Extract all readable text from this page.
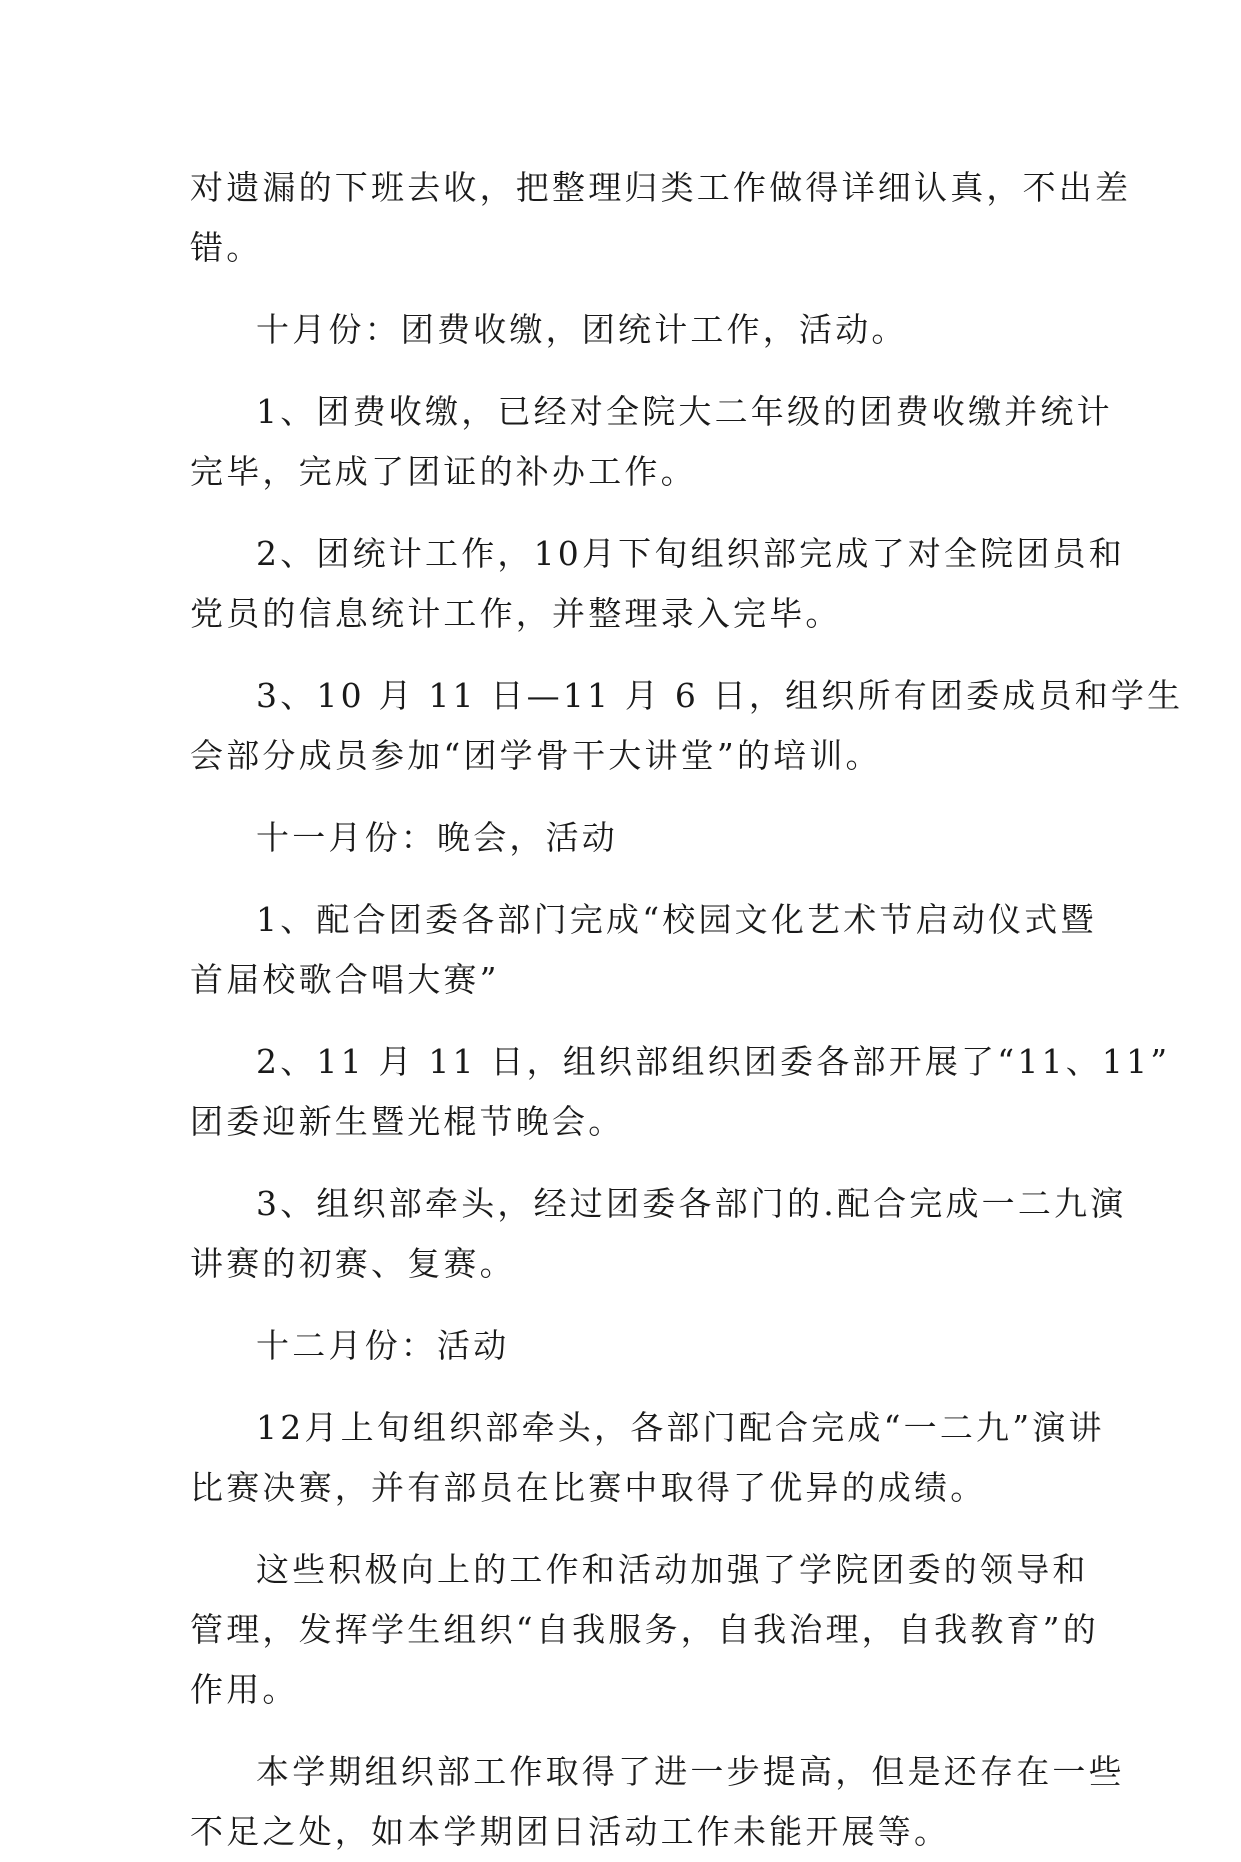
对遗漏的下班去收，把整理归类工作做得详细认真，不出差
错。
十月份：团费收缴，团统计工作，活动。
1、团费收缴，已经对全院大二年级的团费收缴并统计
完毕，完成了团证的补办工作。
2、团统计工作，10月下旬组织部完成了对全院团员和
党员的信息统计工作，并整理录入完毕。
3、10 月 11 日—11 月 6 日，组织所有团委成员和学生
会部分成员参加“团学骨干大讲堂”的培训。
十一月份：晚会，活动
1、配合团委各部门完成“校园文化艺术节启动仪式暨
首届校歌合唱大赛”
2、11 月 11 日，组织部组织团委各部开展了“11、11”
团委迎新生暨光棍节晚会。
3、组织部牵头，经过团委各部门的.配合完成一二九演
讲赛的初赛、复赛。
十二月份：活动
12月上旬组织部牵头，各部门配合完成“一二九”演讲
比赛决赛，并有部员在比赛中取得了优异的成绩。
这些积极向上的工作和活动加强了学院团委的领导和
管理，发挥学生组织“自我服务，自我治理，自我教育”的
作用。
本学期组织部工作取得了进一步提高，但是还存在一些
不足之处，如本学期团日活动工作未能开展等。
